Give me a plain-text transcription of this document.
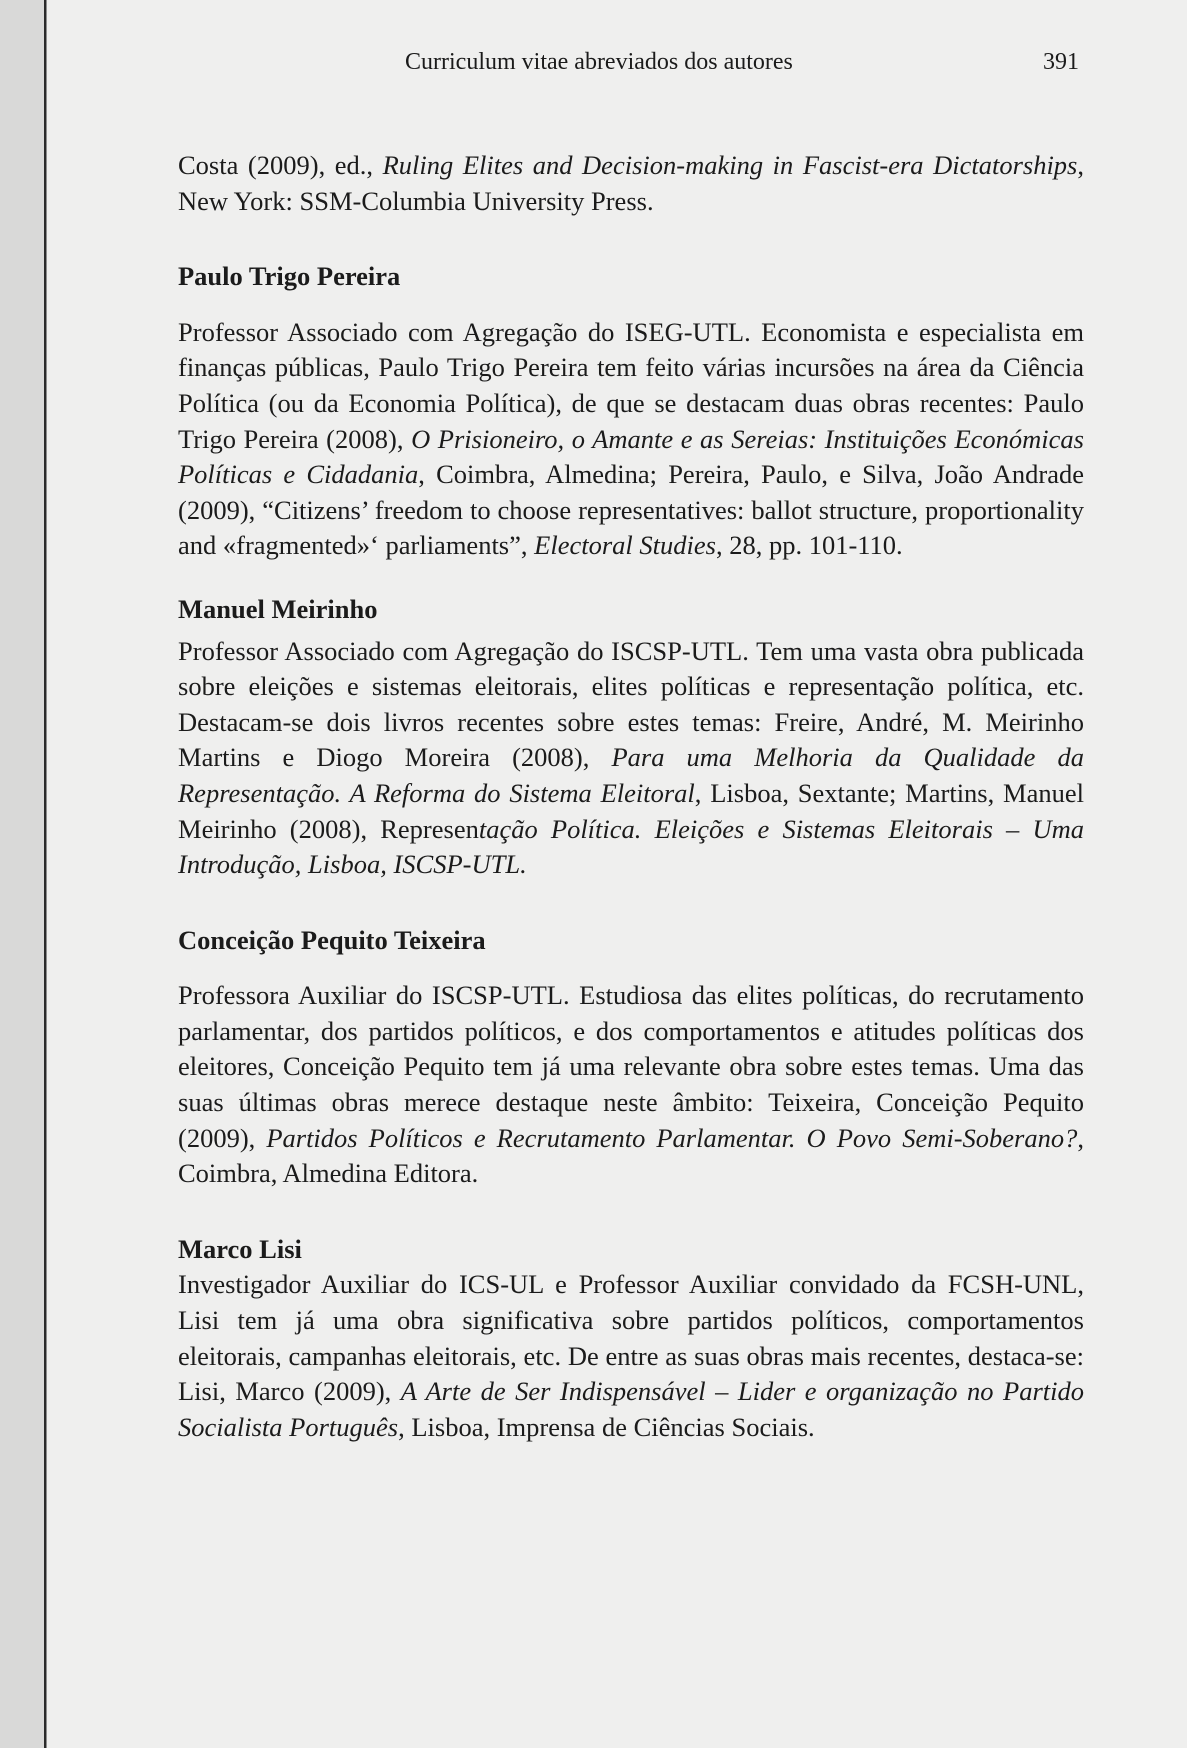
Curriculum vitae abreviados dos autores	391

Costa (2009), ed., Ruling Elites and Decision-making in Fascist-era Dictatorships, New York: SSM-Columbia University Press.

Paulo Trigo Pereira

Professor Associado com Agregação do ISEG-UTL. Economista e especialista em finanças públicas, Paulo Trigo Pereira tem feito várias incursões na área da Ciência Política (ou da Economia Política), de que se destacam duas obras recentes: Paulo Trigo Pereira (2008), O Prisioneiro, o Amante e as Sereias: Instituições Económicas Políticas e Cidadania, Coimbra, Almedina; Pereira, Paulo, e Silva, João Andrade (2009), “Citizens’ freedom to choose representatives: ballot structure, proportionality and «fragmented»‘ parliaments”, Electoral Studies, 28, pp. 101-110.

Manuel Meirinho

Professor Associado com Agregação do ISCSP-UTL. Tem uma vasta obra publicada sobre eleições e sistemas eleitorais, elites políticas e representação política, etc. Destacam-se dois livros recentes sobre estes temas: Freire, André, M. Meirinho Martins e Diogo Moreira (2008), Para uma Melhoria da Qualidade da Representação. A Reforma do Sistema Eleitoral, Lisboa, Sextante; Martins, Manuel Meirinho (2008), Representação Política. Eleições e Sistemas Eleitorais – Uma Introdução, Lisboa, ISCSP-UTL.

Conceição Pequito Teixeira

Professora Auxiliar do ISCSP-UTL. Estudiosa das elites políticas, do recrutamento parlamentar, dos partidos políticos, e dos comportamentos e atitudes políticas dos eleitores, Conceição Pequito tem já uma relevante obra sobre estes temas. Uma das suas últimas obras merece destaque neste âmbito: Teixeira, Conceição Pequito (2009), Partidos Políticos e Recrutamento Parlamentar. O Povo Semi-Soberano?, Coimbra, Almedina Editora.

Marco Lisi

Investigador Auxiliar do ICS-UL e Professor Auxiliar convidado da FCSH-UNL, Lisi tem já uma obra significativa sobre partidos políticos, comportamentos eleitorais, campanhas eleitorais, etc. De entre as suas obras mais recentes, destaca-se: Lisi, Marco (2009), A Arte de Ser Indispensável – Lider e organização no Partido Socialista Português, Lisboa, Imprensa de Ciências Sociais.
